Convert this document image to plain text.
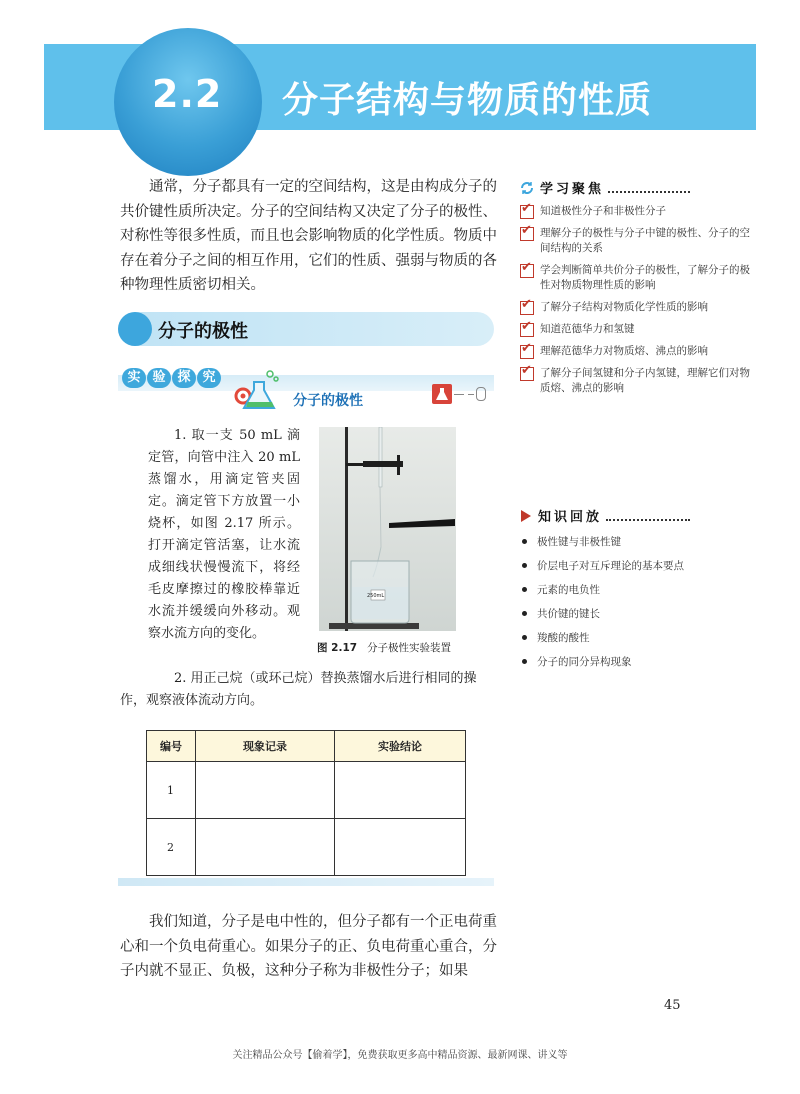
2.2 分子结构与物质的性质
通常，分子都具有一定的空间结构，这是由构成分子的共价键性质所决定。分子的空间结构又决定了分子的极性、对称性等很多性质，而且也会影响物质的化学性质。物质中存在着分子之间的相互作用，它们的性质、强弱与物质的各种物理性质密切相关。
学习聚焦
✔
知道极性分子和非极性分子
✔
理解分子的极性与分子中键的极性、分子的空间结构的关系
✔
学会判断简单共价分子的极性，了解分子的极性对物质物理性质的影响
✔
了解分子结构对物质化学性质的影响
✔
知道范德华力和氢键
✔
理解范德华力对物质熔、沸点的影响
✔
了解分子间氢键和分子内氢键，理解它们对物质熔、沸点的影响
知识回放
极性键与非极性键
价层电子对互斥理论的基本要点
元素的电负性
共价键的键长
羧酸的酸性
分子的同分异构现象
分子的极性
实 验 探 究
分子的极性
1. 取一支 50 mL 滴定管，向管中注入 20 mL 蒸馏水，用滴定管夹固定。滴定管下方放置一小烧杯，如图 2.17 所示。打开滴定管活塞，让水流成细线状慢慢流下，将经毛皮摩擦过的橡胶棒靠近水流并缓缓向外移动。观察水流方向的变化。
250mL
图 2.17 分子极性实验装置
2. 用正己烷（或环己烷）替换蒸馏水后进行相同的操作，观察液体流动方向。
编号	现象记录	实验结论
1		
2		
我们知道，分子是电中性的，但分子都有一个正电荷重心和一个负电荷重心。如果分子的正、负电荷重心重合，分子内就不显正、负极，这种分子称为非极性分子；如果
45
关注精品公众号【偷着学】，免费获取更多高中精品资源、最新网课、讲义等
